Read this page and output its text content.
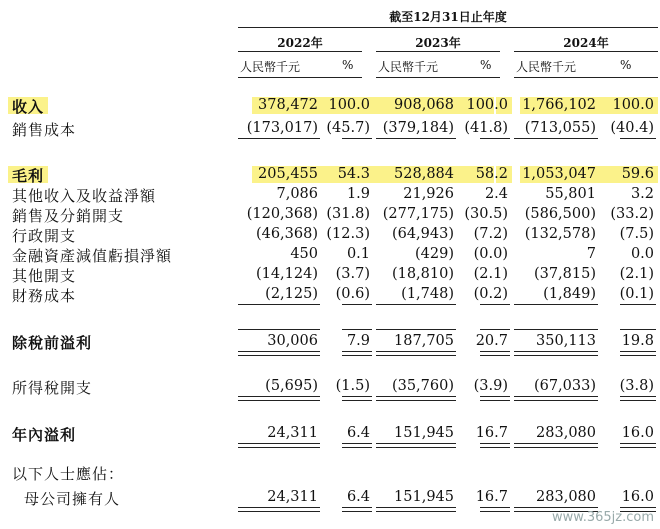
截至12月31日止年度
2022年	2023年	2024年
人民幣千元	% 人民幣千元	% 人民幣千元	%
收入	378,472 100.0 908,068 100.0 1,766,102 100.0
銷售成本	(173,017) (45.7) (379,184) (41.8) (713,055) (40.4)
毛利	205,455 54.3 528,884 58.2 1,053,047 59.6
其他收入及收益淨額	7,086 1.9 21,926 2.4	55,801 3.2
銷售及分銷開支	(120,368) (31.8) (277,175) (30.5) (586,500) (33.2)
行政開支	(46,368) (12.3) (64,943) (7.2) (132,578) (7.5)
金融資產減值虧損淨額	450 0.1	(429) (0.0)	7 0.0
其他開支	(14,124) (3.7) (18,810) (2.1) (37,815) (2.1)
財務成本	(2,125) (0.6) (1,748) (0.2) (1,849) (0.1)
除稅前溢利	30,006 7.9 187,705 20.7 350,113 19.8
所得稅開支	(5,695) (1.5) (35,760) (3.9) (67,033) (3.8)
年內溢利	24,311 6.4 151,945 16.7 283,080 16.0
以下人士應佔：
母公司擁有人	24,311 6.4 151,945 16.7 283,080 16.0
www.365jz.com
